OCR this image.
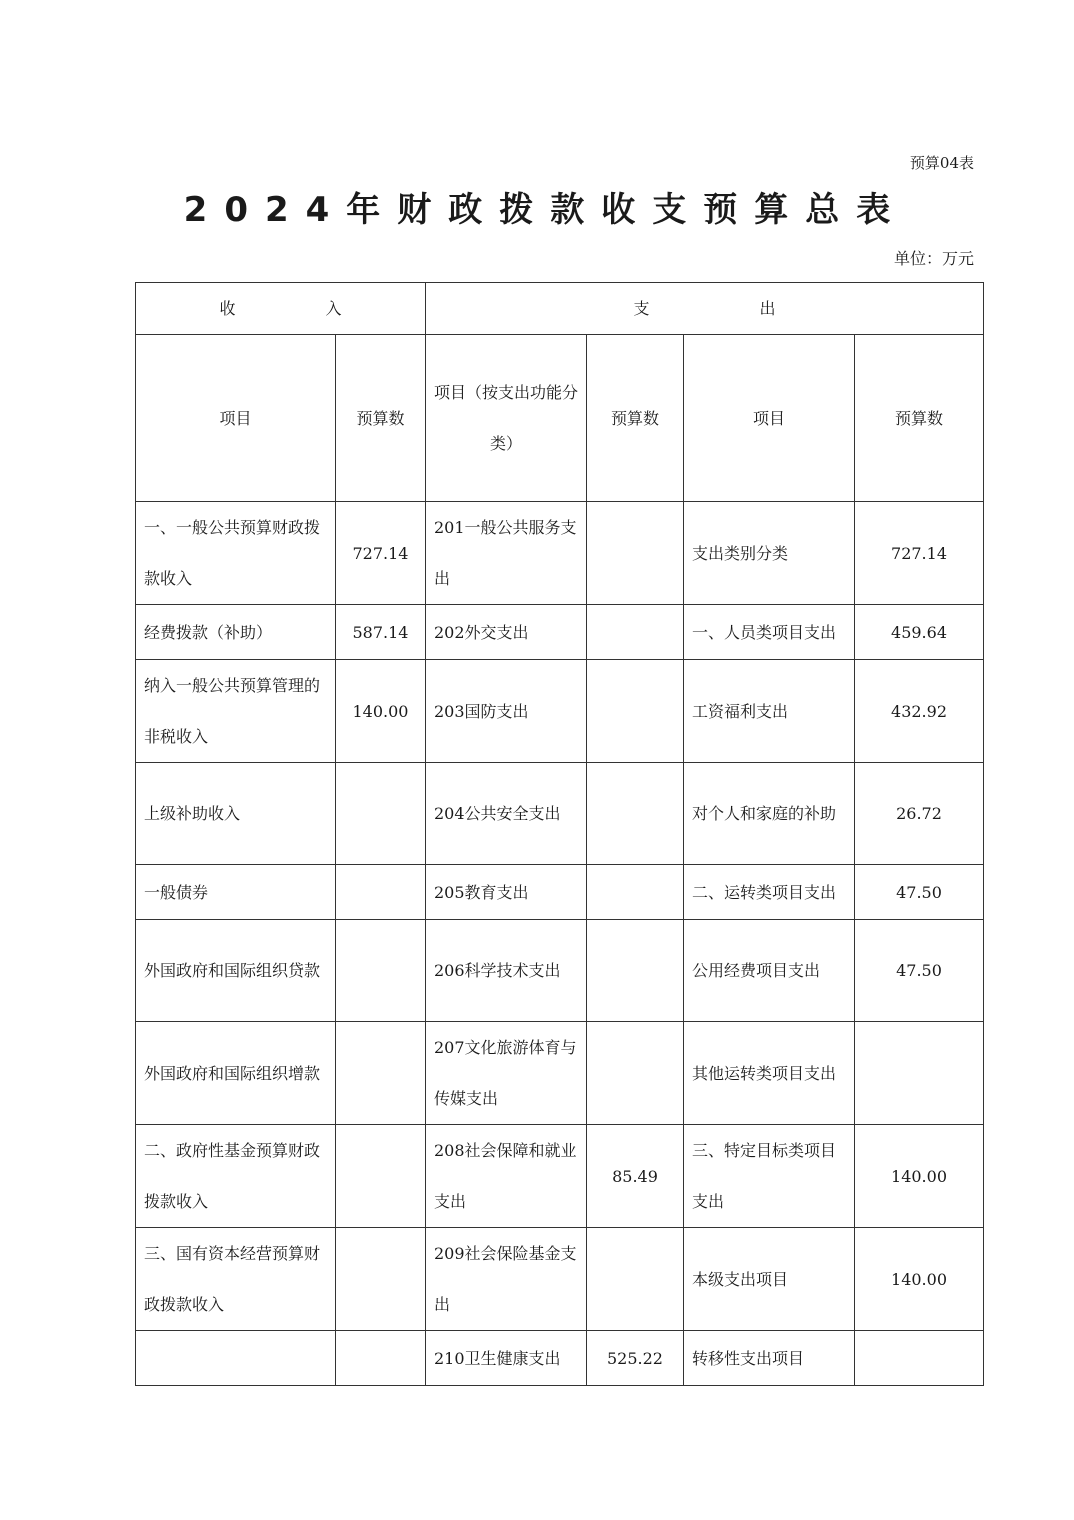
预算04表
2024年财政拨款收支预算总表
单位：万元
收 入		支 出			
项目	预算数	项目（按支出功能分类）	预算数	项目	预算数
一、一般公共预算财政拨款收入	727.14	201一般公共服务支出		支出类别分类	727.14
经费拨款（补助）	587.14	202外交支出		一、人员类项目支出	459.64
纳入一般公共预算管理的非税收入	140.00	203国防支出		工资福利支出	432.92
上级补助收入		204公共安全支出		对个人和家庭的补助	26.72
一般债券		205教育支出		二、运转类项目支出	47.50
外国政府和国际组织贷款		206科学技术支出		公用经费项目支出	47.50
外国政府和国际组织增款		207文化旅游体育与传媒支出		其他运转类项目支出	
二、政府性基金预算财政拨款收入		208社会保障和就业支出	85.49	三、特定目标类项目支出	140.00
三、国有资本经营预算财政拨款收入		209社会保险基金支出		本级支出项目	140.00
		210卫生健康支出	525.22	转移性支出项目	
